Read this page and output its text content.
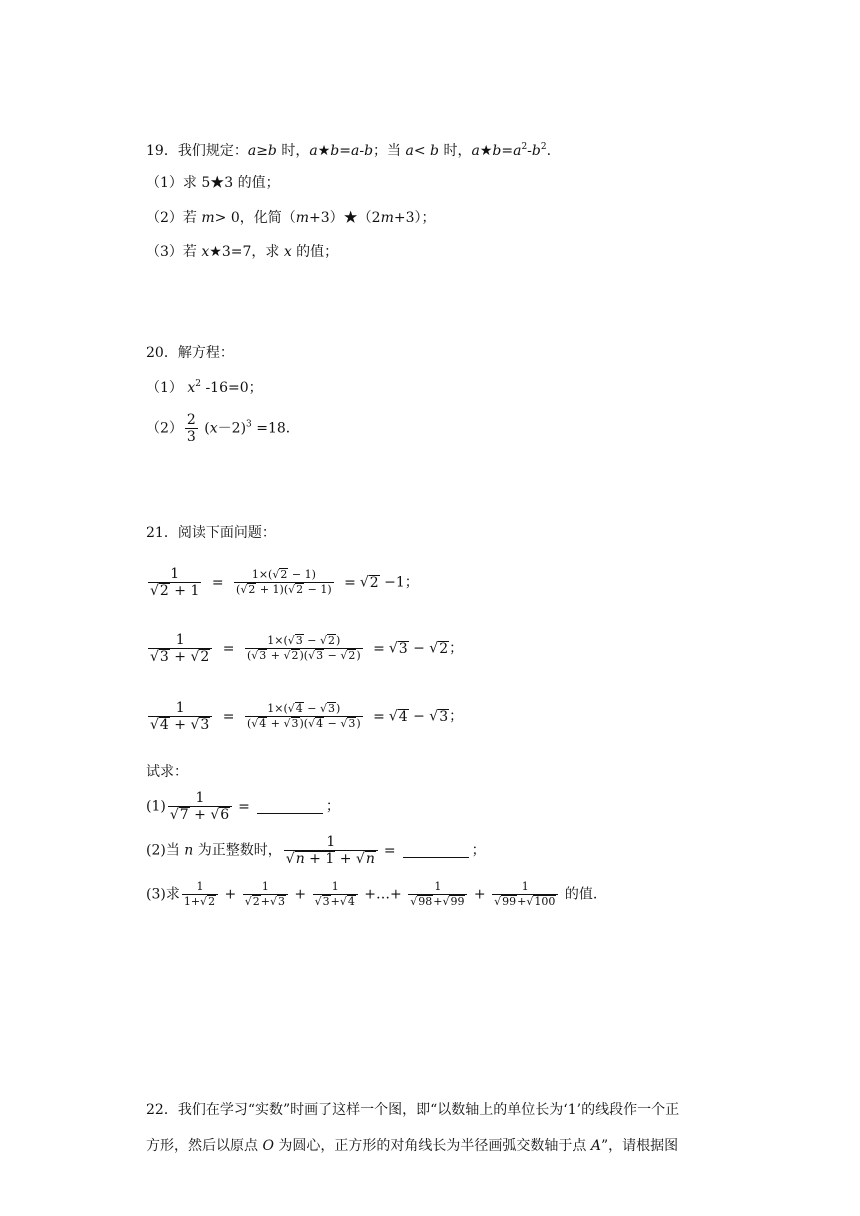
19．我们规定：a≥b 时，a★b=a-b；当 a< b 时，$a★b=a^2-b^2$.
（1）求 5★3 的值；
（2）若 m> 0，化简（m+3）★（2m+3）；
（3）若 x★3=7，求 x 的值；
20．解方程：
（1） $x^2$ -16=0；
$(2) \frac{2}{3} (x-2)^3 =18$．
21．阅读下面问题：
$\frac{1}{√2 + 1} = \frac{1\times(√2 - 1)}{(√2 + 1)(√2 - 1)} = √2 -1$；
$\frac{1}{√3 + √2} = \frac{1\times(√3 - √2)}{(√3 + √2)(√3 - √2)} = √3 - √2$；
$\frac{1}{√4 + √3} = \frac{1\times(√4 - √3)}{(√4 + √3)(√4 - √3)} = √4 - √3$；
试求：
$(1) \frac{1}{√7 + √6}$ =	；
(2)当 n 为正整数时， $\frac{1}{√n + 1 + √n}$ =	；
(3)求 $\frac{1}{1+√2} + \frac{1}{√2+√3} + \frac{1}{√3+√4}$ +…+ $\frac{1}{√98+√99} + \frac{1}{√99+√100}$ 的值.
22．我们在学习“实数”时画了这样一个图，即“以数轴上的单位长为‘1’的线段作一个正
方形，然后以原点 O 为圆心，正方形的对角线长为半径画弧交数轴于点 A”，请根据图
